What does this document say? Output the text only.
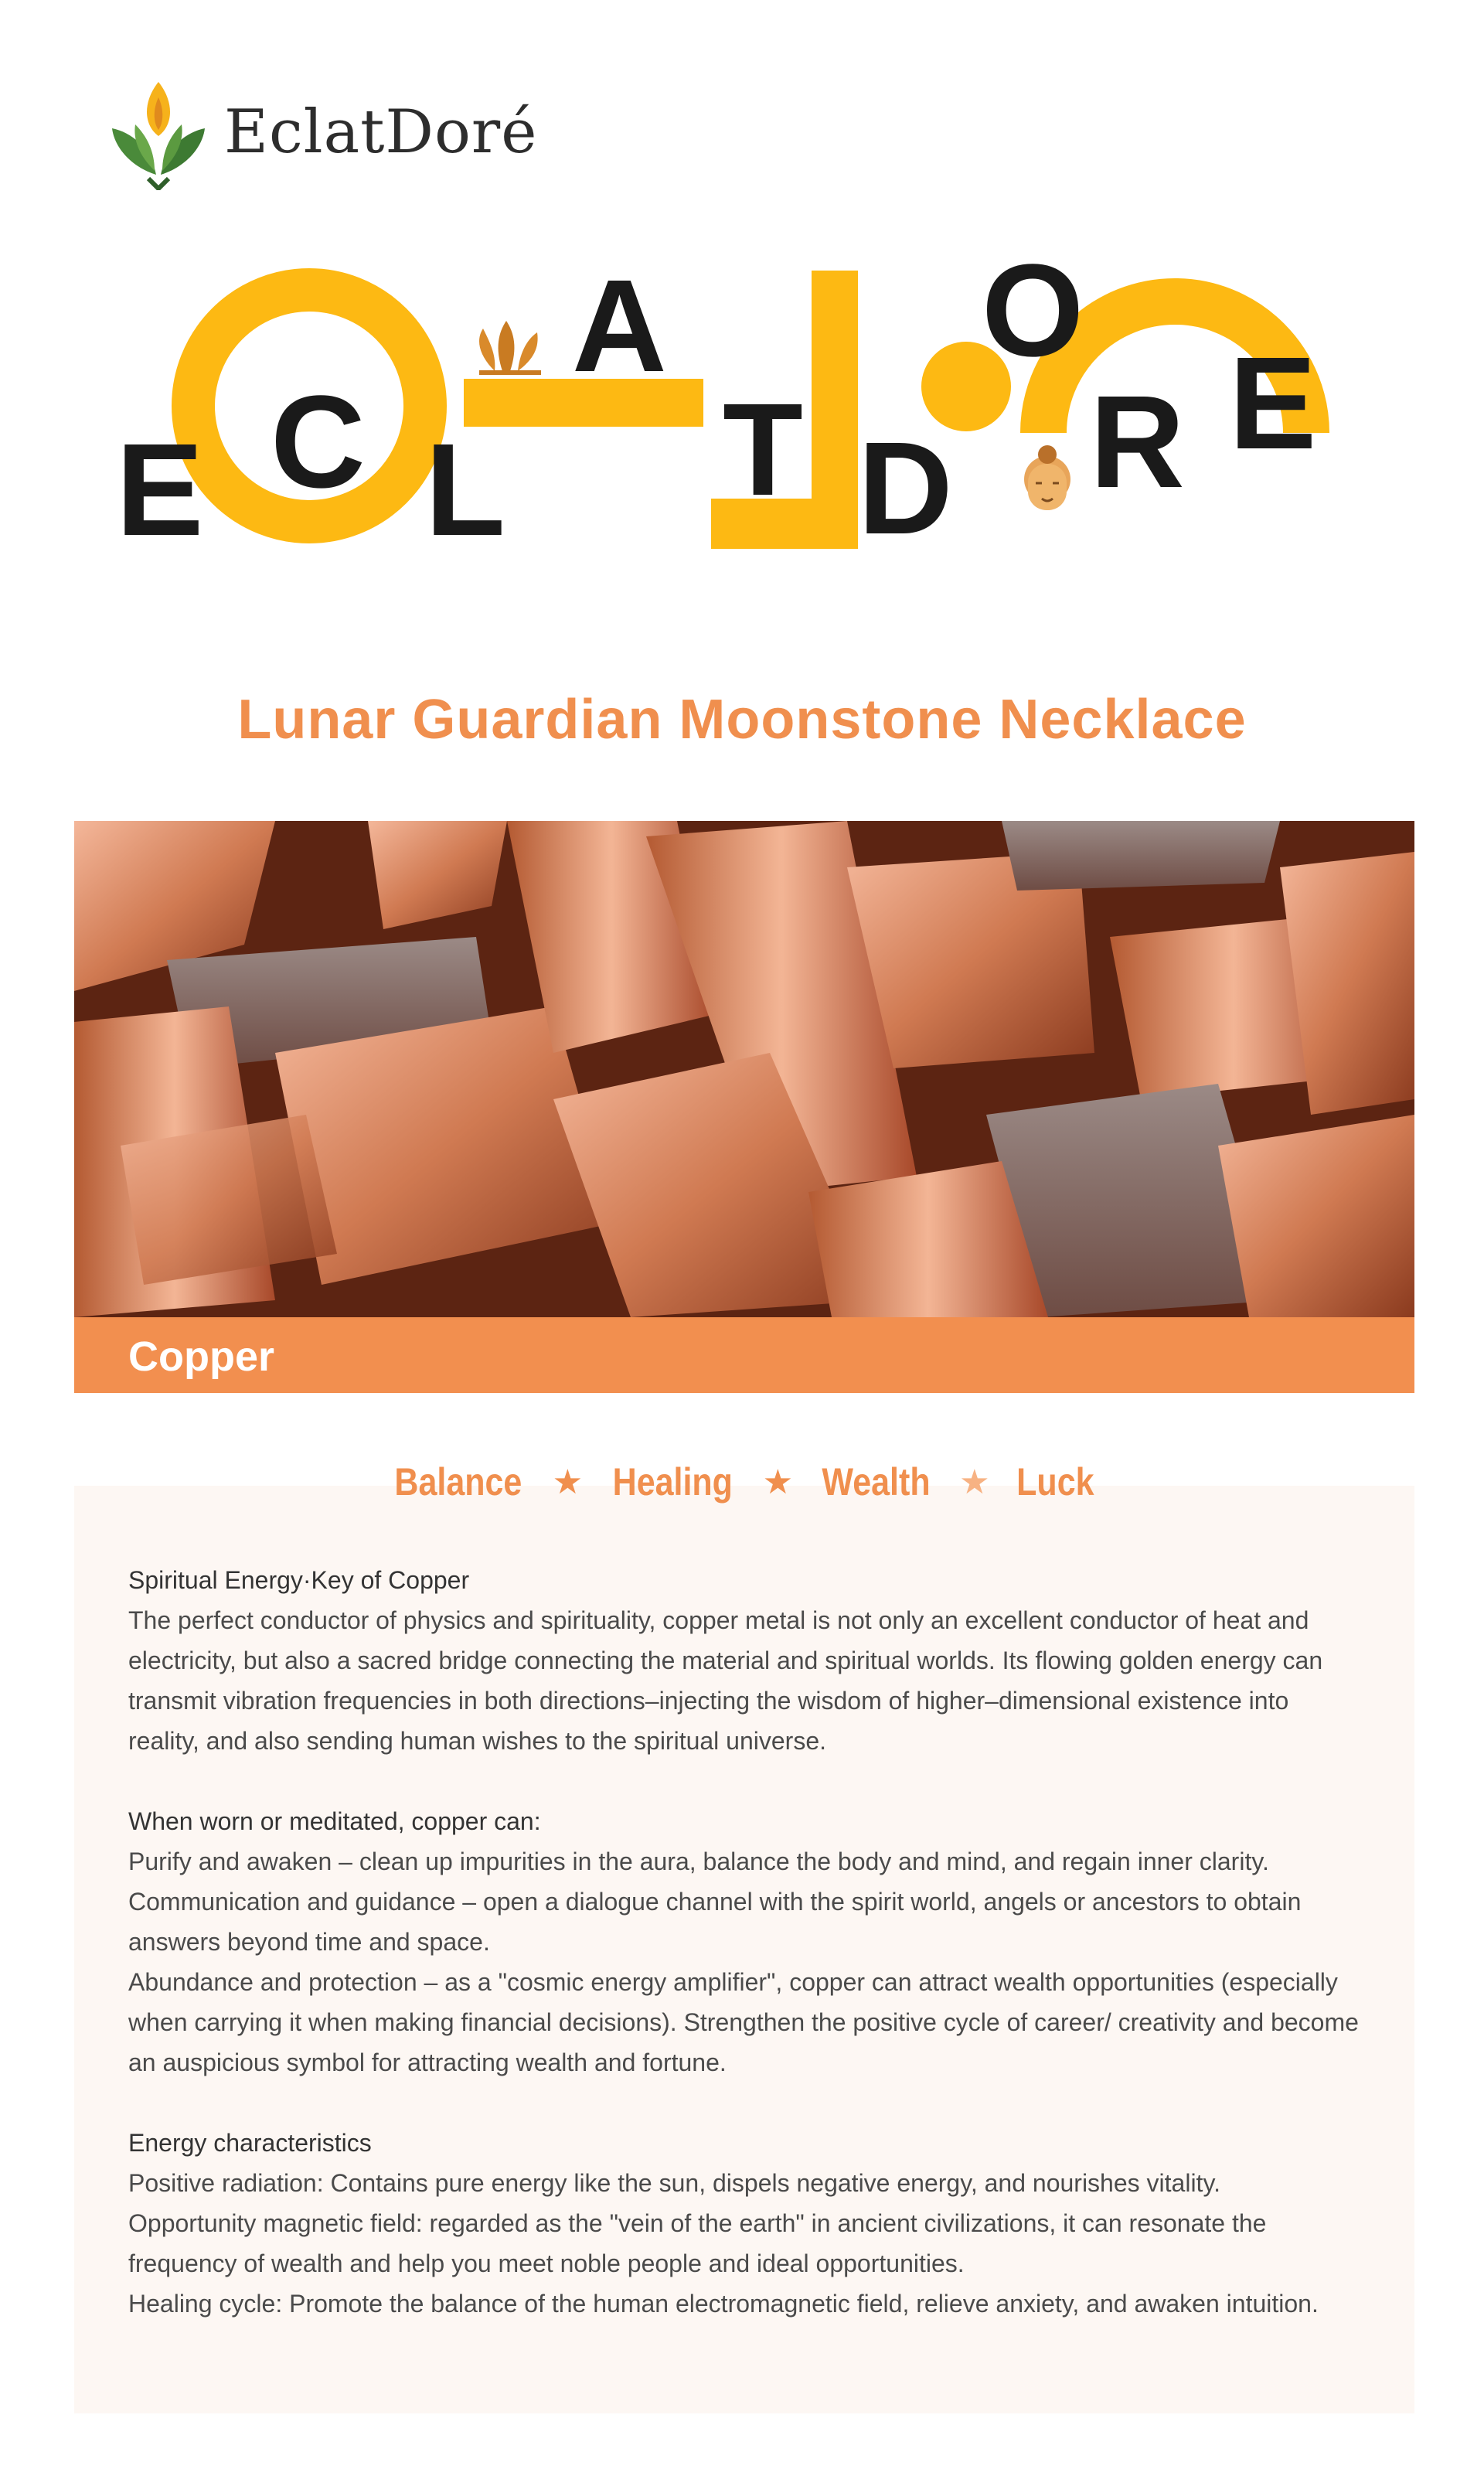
EclatDoré
E C L
A
T D
O
R E
Lunar Guardian Moonstone Necklace
Copper
Balance ★ Healing ★ Wealth ★ Luck
Spiritual Energy·Key of Copper

The perfect conductor of physics and spirituality, copper metal is not only an excellent conductor of heat and electricity, but also a sacred bridge connecting the material and spiritual worlds. Its flowing golden energy can transmit vibration frequencies in both directions–injecting the wisdom of higher–dimensional existence into reality, and also sending human wishes to the spiritual universe.

When worn or meditated, copper can:

Purify and awaken – clean up impurities in the aura, balance the body and mind, and regain inner clarity.

Communication and guidance – open a dialogue channel with the spirit world, angels or ancestors to obtain answers beyond time and space.

Abundance and protection – as a "cosmic energy amplifier", copper can attract wealth opportunities (especially when carrying it when making financial decisions). Strengthen the positive cycle of career/ creativity and become an auspicious symbol for attracting wealth and fortune.

Energy characteristics

Positive radiation: Contains pure energy like the sun, dispels negative energy, and nourishes vitality.

Opportunity magnetic field: regarded as the "vein of the earth" in ancient civilizations, it can resonate the frequency of wealth and help you meet noble people and ideal opportunities.

Healing cycle: Promote the balance of the human electromagnetic field, relieve anxiety, and awaken intuition.
